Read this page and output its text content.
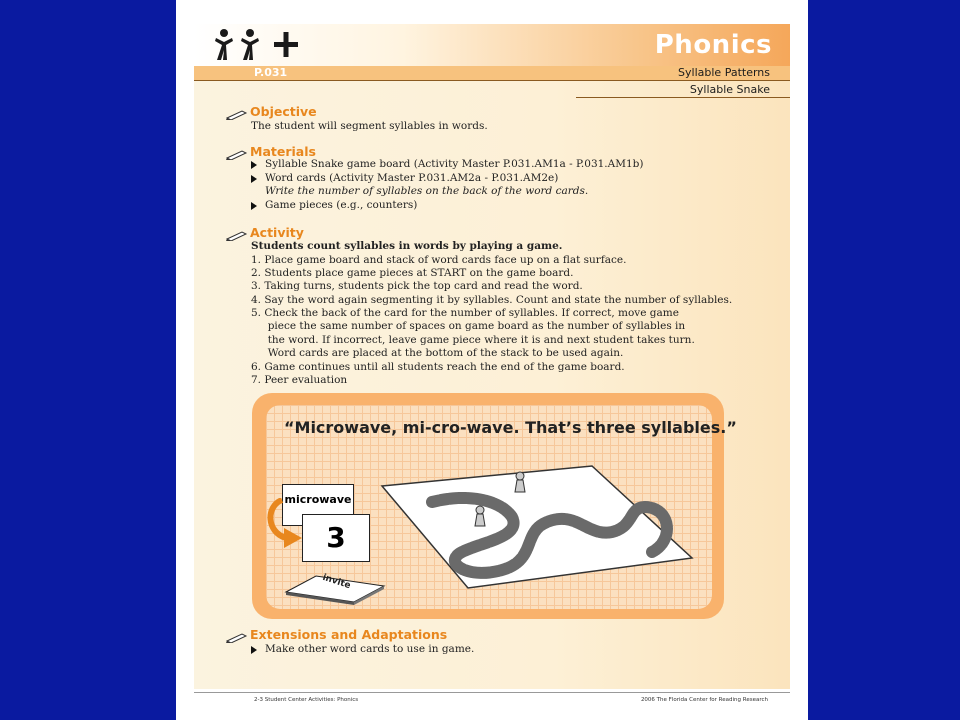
Phonics
P.031	Syllable Patterns
Syllable Snake
Objective
The student will segment syllables in words.
Materials
Syllable Snake game board (Activity Master P.031.AM1a - P.031.AM1b)
Word cards (Activity Master P.031.AM2a - P.031.AM2e)
Write the number of syllables on the back of the word cards.
Game pieces (e.g., counters)
Activity
Students count syllables in words by playing a game.
1. Place game board and stack of word cards face up on a flat surface.
2. Students place game pieces at START on the game board.
3. Taking turns, students pick the top card and read the word.
4. Say the word again segmenting it by syllables. Count and state the number of syllables.
5. Check the back of the card for the number of syllables. If correct, move game
piece the same number of spaces on game board as the number of syllables in
the word. If incorrect, leave game piece where it is and next student takes turn.
Word cards are placed at the bottom of the stack to be used again.
6. Game continues until all students reach the end of the game board.
7. Peer evaluation
“Microwave, mi-cro-wave. That’s three syllables.”
microwave
3
invite
Extensions and Adaptations
Make other word cards to use in game.
2-3 Student Center Activities: Phonics	2006 The Florida Center for Reading Research
